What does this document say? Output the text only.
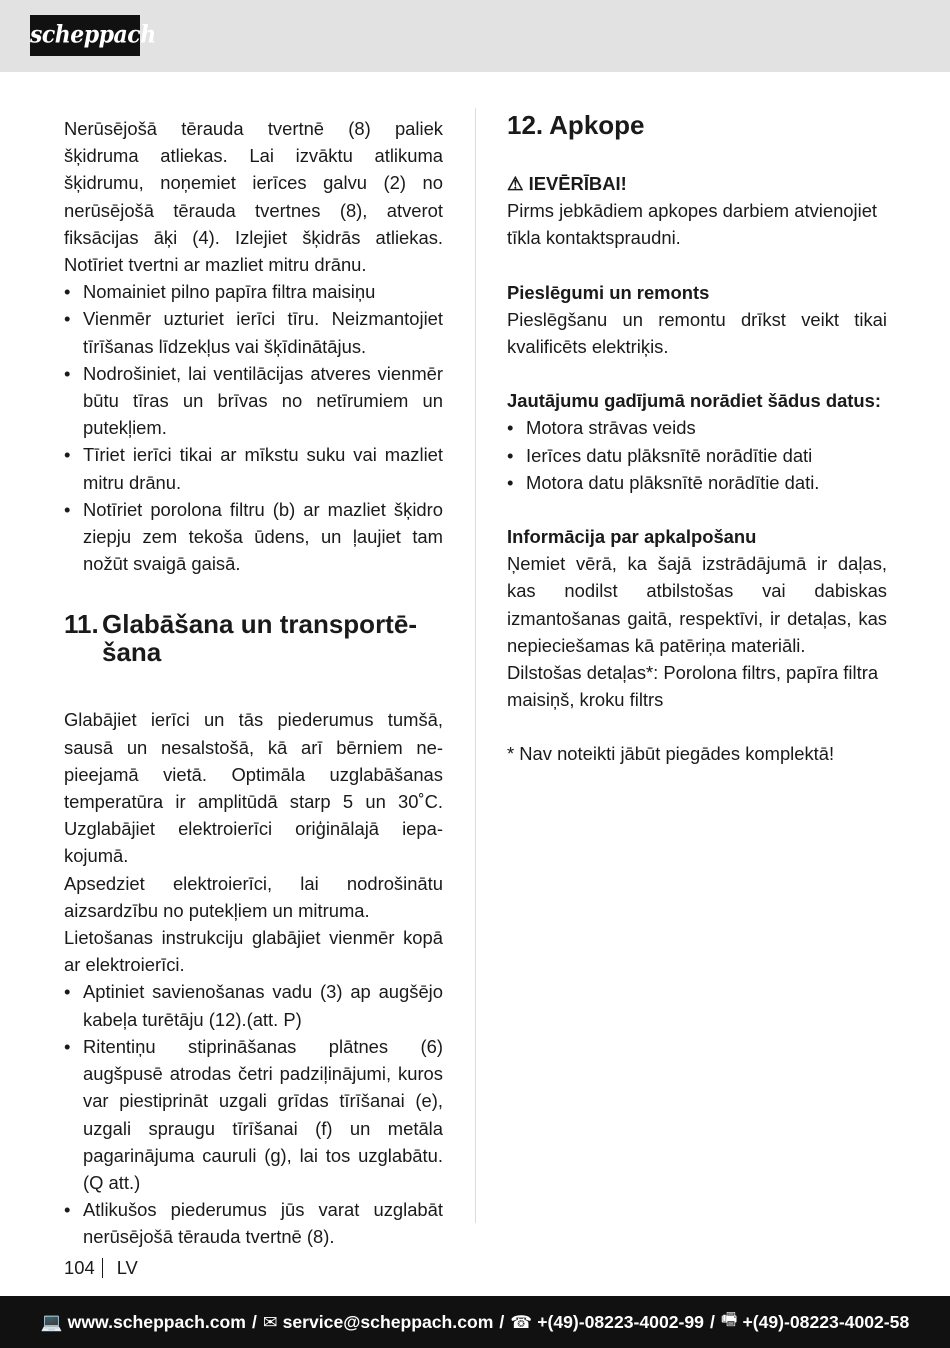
scheppach

Nerūsējošā tērauda tvertnē (8) paliek šķidruma atliekas. Lai izvāktu atlikuma šķidrumu, noņemiet ierīces galvu (2) no nerūsējošā tērauda tvertnes (8), atverot fiksācijas āķi (4). Izlejiet šķidrās atliekas. Notīriet tvertni ar mazliet mitru drānu.

• Nomainiet pilno papīra filtra maisiņu
• Vienmēr uzturiet ierīci tīru. Neizmantojiet tīrīšanas līdzekļus vai šķīdinātājus.
• Nodrošiniet, lai ventilācijas atveres vienmēr būtu tīras un brīvas no netīrumiem un putekļiem.
• Tīriet ierīci tikai ar mīkstu suku vai mazliet mitru drānu.
• Notīriet porolona filtru (b) ar mazliet šķidro ziepju zem tekoša ūdens, un ļaujiet tam nožūt svaigā gaisā.
11. Glabāšana un transportēšana

Glabājiet ierīci un tās piederumus tumšā, sausā un nesalstošā, kā arī bērniem nepieejamā vietā. Optimāla uzglabāšanas temperatūra ir amplitūdā starp 5 un 30˚C. Uzglabājiet elektroierīci oriģinālajā iepakojumā.

Apsedziet elektroierīci, lai nodrošinātu aizsardzību no putekļiem un mitruma.

Lietošanas instrukciju glabājiet vienmēr kopā ar elektroierīci.

• Aptiniet savienošanas vadu (3) ap augšējo kabeļa turētāju (12).(att. P)
• Ritentiņu stiprināšanas plātnes (6) augšpusē atrodas četri padziļinājumi, kuros var piestiprināt uzgali grīdas tīrīšanai (e), uzgali spraugu tīrīšanai (f) un metāla pagarinājuma cauruli (g), lai tos uzglabātu. (Q att.)
• Atlikušos piederumus jūs varat uzglabāt nerūsējošā tērauda tvertnē (8).
12. Apkope
⚠ IEVĒRĪBAI!

Pirms jebkādiem apkopes darbiem atvienojiet tīkla kontaktspraudni.

Pieslēgumi un remonts

Pieslēgšanu un remontu drīkst veikt tikai kvalificēts elektriķis.

Jautājumu gadījumā norādiet šādus datus:
• Motora strāvas veids
• Ierīces datu plāksnītē norādītie dati
• Motora datu plāksnītē norādītie dati.
Informācija par apkalpošanu

Ņemiet vērā, ka šajā izstrādājumā ir daļas, kas nodilst atbilstošas vai dabiskas izmantošanas gaitā, respektīvi, ir detaļas, kas nepieciešamas kā patēriņa materiāli.

Dilstošas detaļas*: Porolona filtrs, papīra filtra maisiņš, kroku filtrs

* Nav noteikti jābūt piegādes komplektā!

104 LV
💻 www.scheppach.com / ✉ service@scheppach.com / ☎ +(49)-08223-4002-99 / 🖷 +(49)-08223-4002-58
